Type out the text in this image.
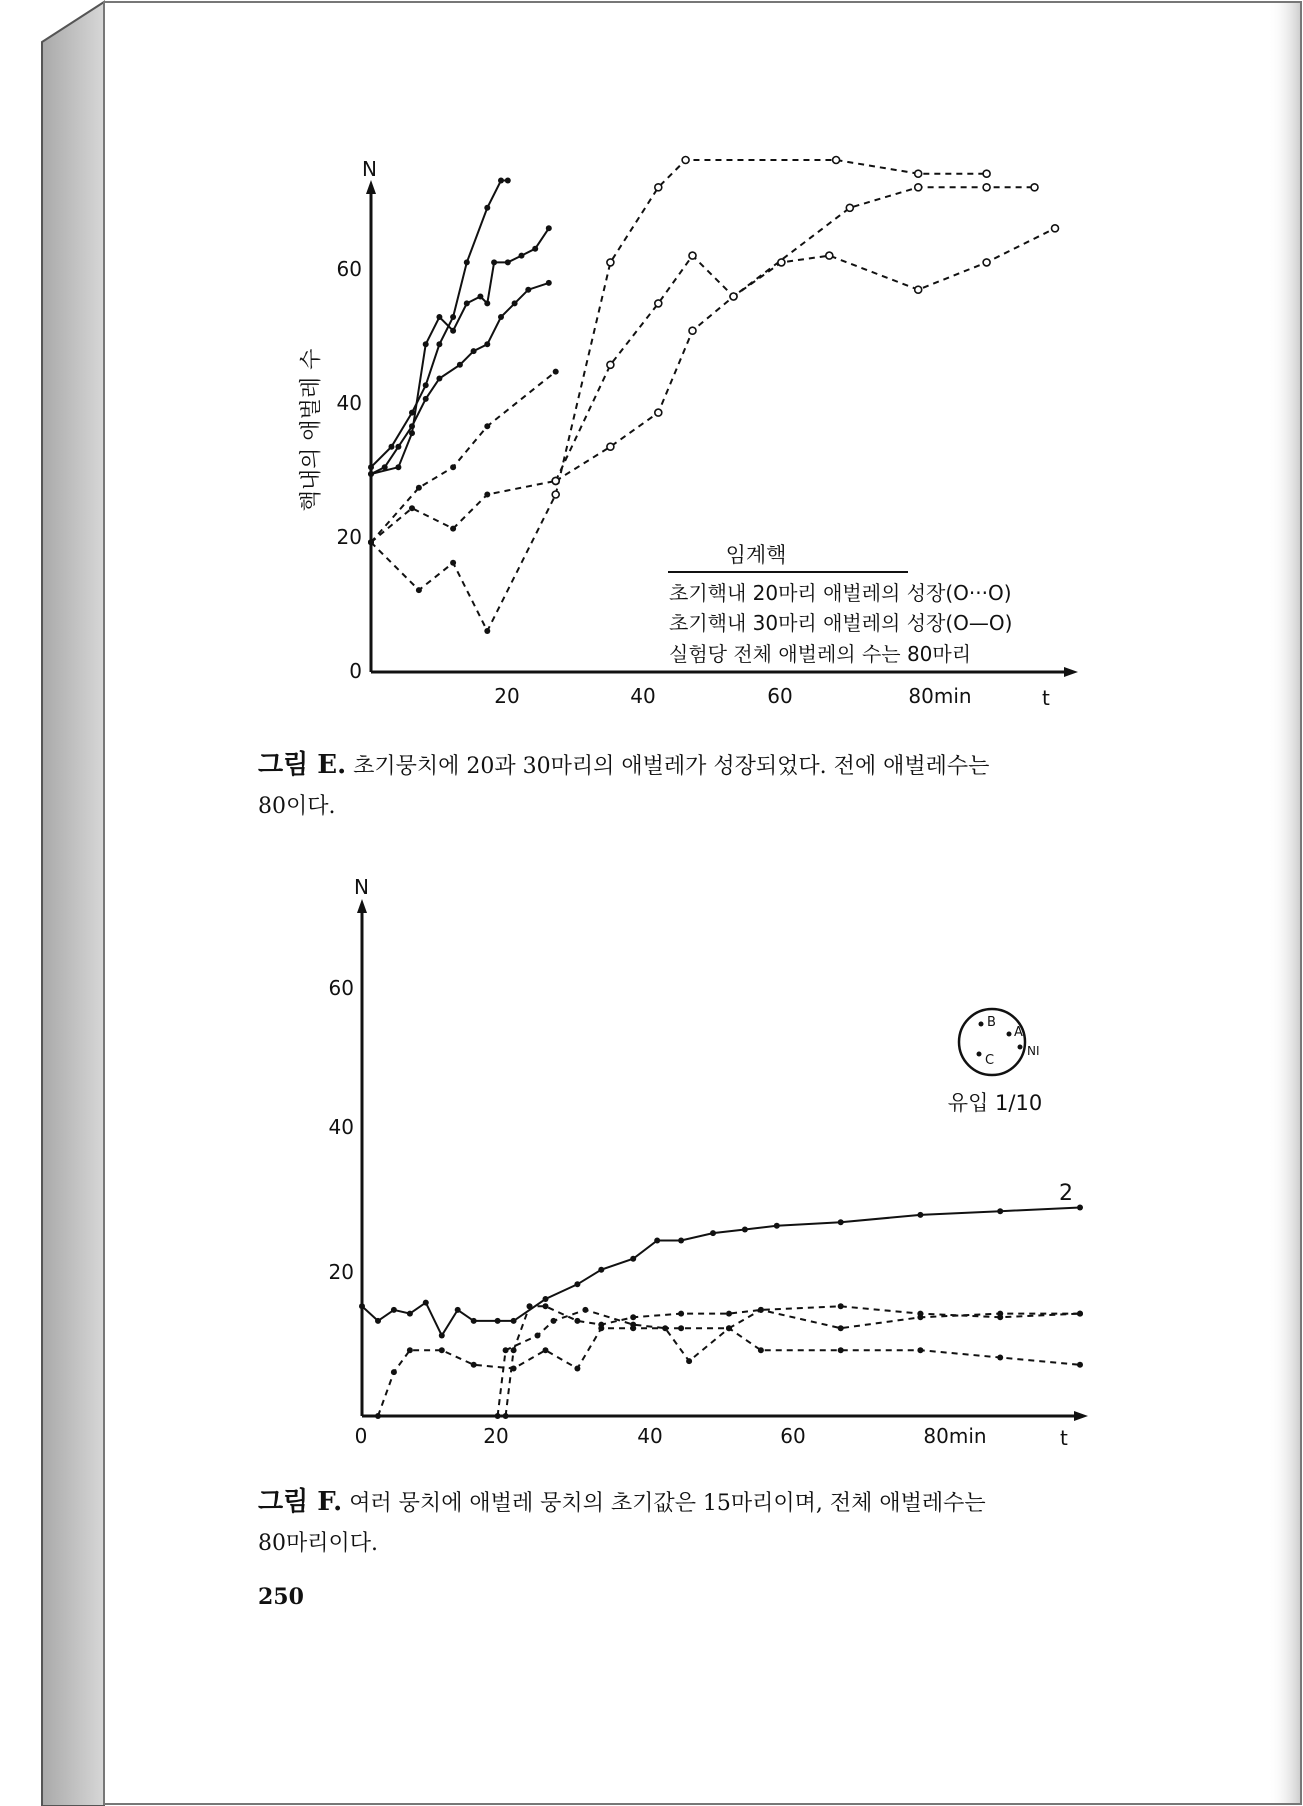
N
t
핵내의 애벌레 수
0
20
40
60
20	40	60	80min
임계핵
초기핵내 20마리 애벌레의 성장(O···O)
초기핵내 30마리 애벌레의 성장(O—O)
실험당 전체 애벌레의 수는 80마리
N
t
20
40
60
0	20	40	60	80min
2
B
A
C
NI
유입 1/10
그림 E. 초기뭉치에 20과 30마리의 애벌레가 성장되었다. 전에 애벌레수는
80이다.
그림 F. 여러 뭉치에 애벌레 뭉치의 초기값은 15마리이며, 전체 애벌레수는
80마리이다.
250
